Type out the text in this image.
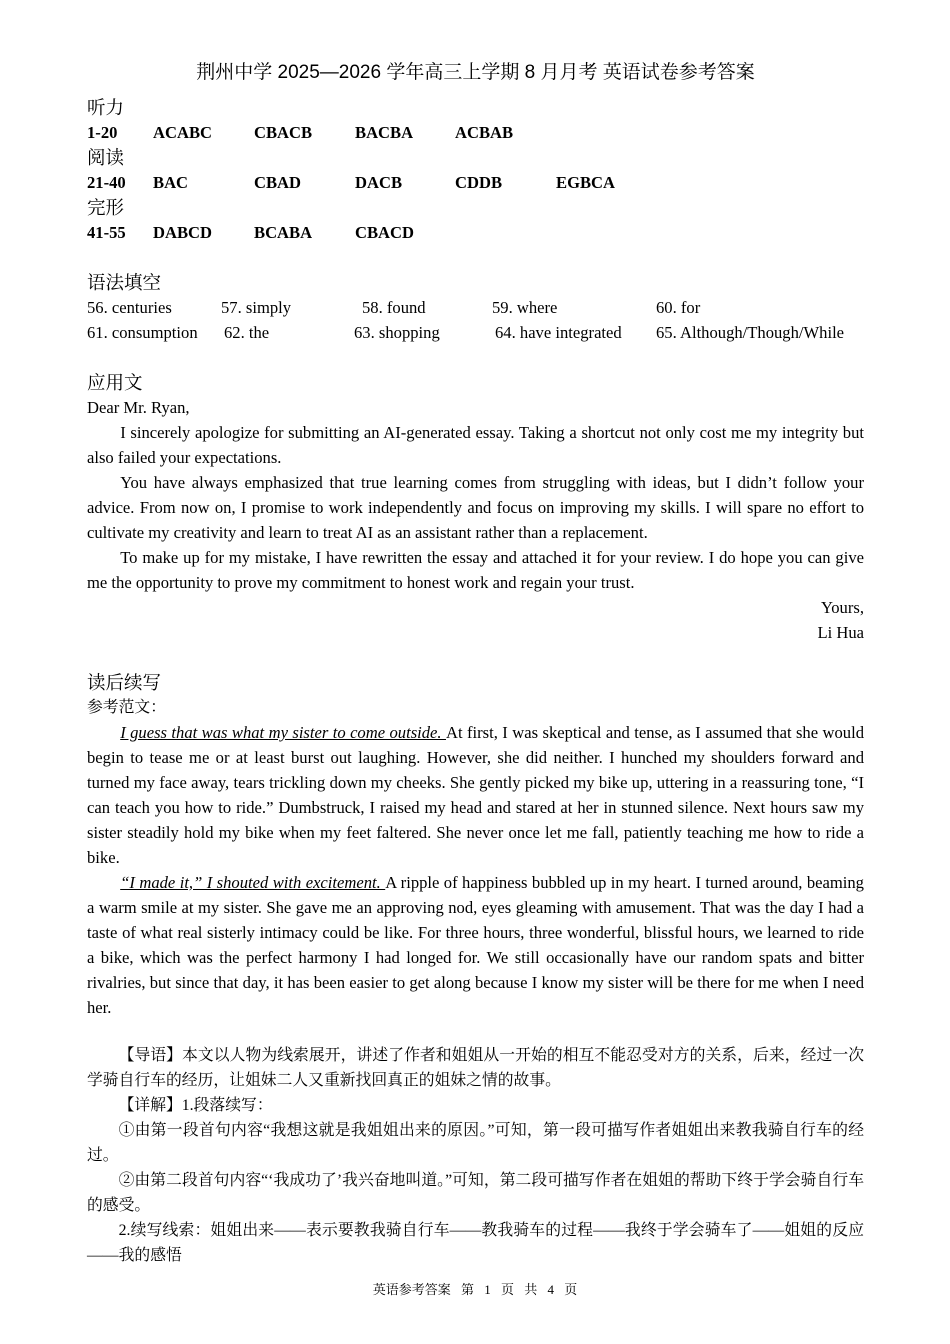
荆州中学 2025—2026 学年高三上学期 8 月月考 英语试卷参考答案
听力
1-20 ACABC	CBACB	BACBA	ACBAB
阅读
21-40 BAC	CBAD	DACB	CDDB	EGBCA
完形
41-55 DABCD	BCABA	CBACD
语法填空
56. centuries	57. simply	58. found	59. where	60. for
61. consumption 62. the	63. shopping	64. have integrated 65. Although/Though/While
应用文

Dear Mr. Ryan,

I sincerely apologize for submitting an AI-generated essay. Taking a shortcut not only cost me my integrity but also failed your expectations.

You have always emphasized that true learning comes from struggling with ideas, but I didn’t follow your advice. From now on, I promise to work independently and focus on improving my skills. I will spare no effort to cultivate my creativity and learn to treat AI as an assistant rather than a replacement.

To make up for my mistake, I have rewritten the essay and attached it for your review. I do hope you can give me the opportunity to prove my commitment to honest work and regain your trust.

Yours,

Li Hua

读后续写

参考范文：

I guess that was what my sister to come outside. At first, I was skeptical and tense, as I assumed that she would begin to tease me or at least burst out laughing. However, she did neither. I hunched my shoulders forward and turned my face away, tears trickling down my cheeks. She gently picked my bike up, uttering in a reassuring tone, “I can teach you how to ride.” Dumbstruck, I raised my head and stared at her in stunned silence. Next hours saw my sister steadily hold my bike when my feet faltered. She never once let me fall, patiently teaching me how to ride a bike.

“I made it,” I shouted with excitement. A ripple of happiness bubbled up in my heart. I turned around, beaming a warm smile at my sister. She gave me an approving nod, eyes gleaming with amusement. That was the day I had a taste of what real sisterly intimacy could be like. For three hours, three wonderful, blissful hours, we learned to ride a bike, which was the perfect harmony I had longed for. We still occasionally have our random spats and bitter rivalries, but since that day, it has been easier to get along because I know my sister will be there for me when I need her.

【导语】本文以人物为线索展开，讲述了作者和姐姐从一开始的相互不能忍受对方的关系，后来，经过一次学骑自行车的经历，让姐妹二人又重新找回真正的姐妹之情的故事。

【详解】1.段落续写：

①由第一段首句内容“我想这就是我姐姐出来的原因。”可知，第一段可描写作者姐姐出来教我骑自行车的经过。

②由第二段首句内容“‘我成功了’我兴奋地叫道。”可知，第二段可描写作者在姐姐的帮助下终于学会骑自行车的感受。

2.续写线索：姐姐出来——表示要教我骑自行车——教我骑车的过程——我终于学会骑车了——姐姐的反应——我的感悟

英语参考答案 第 1 页 共 4 页
